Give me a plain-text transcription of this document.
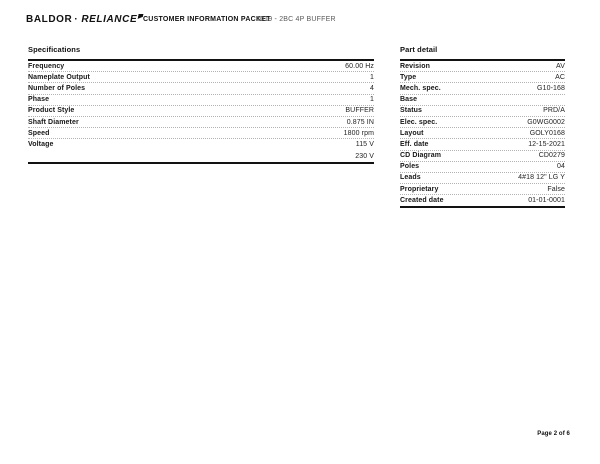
BALDOR · RELIANCE CUSTOMER INFORMATION PACKET
4019 - 2BC 4P BUFFER
Specifications
Frequency	60.00 Hz
Nameplate Output	1
Number of Poles	4
Phase	1
Product Style	BUFFER
Shaft Diameter	0.875 IN
Speed	1800 rpm
Voltage	115 V
230 V
Part detail
Revision	AV
Type	AC
Mech. spec.	G10-168
Base
Status	PRD/A
Elec. spec.	G0WG0002
Layout	GOLY0168
Eff. date	12-15-2021
CD Diagram	CD0279
Poles	04
Leads	4#18 12" LG Y
Proprietary	False
Created date	01-01-0001
Page 2 of 6
